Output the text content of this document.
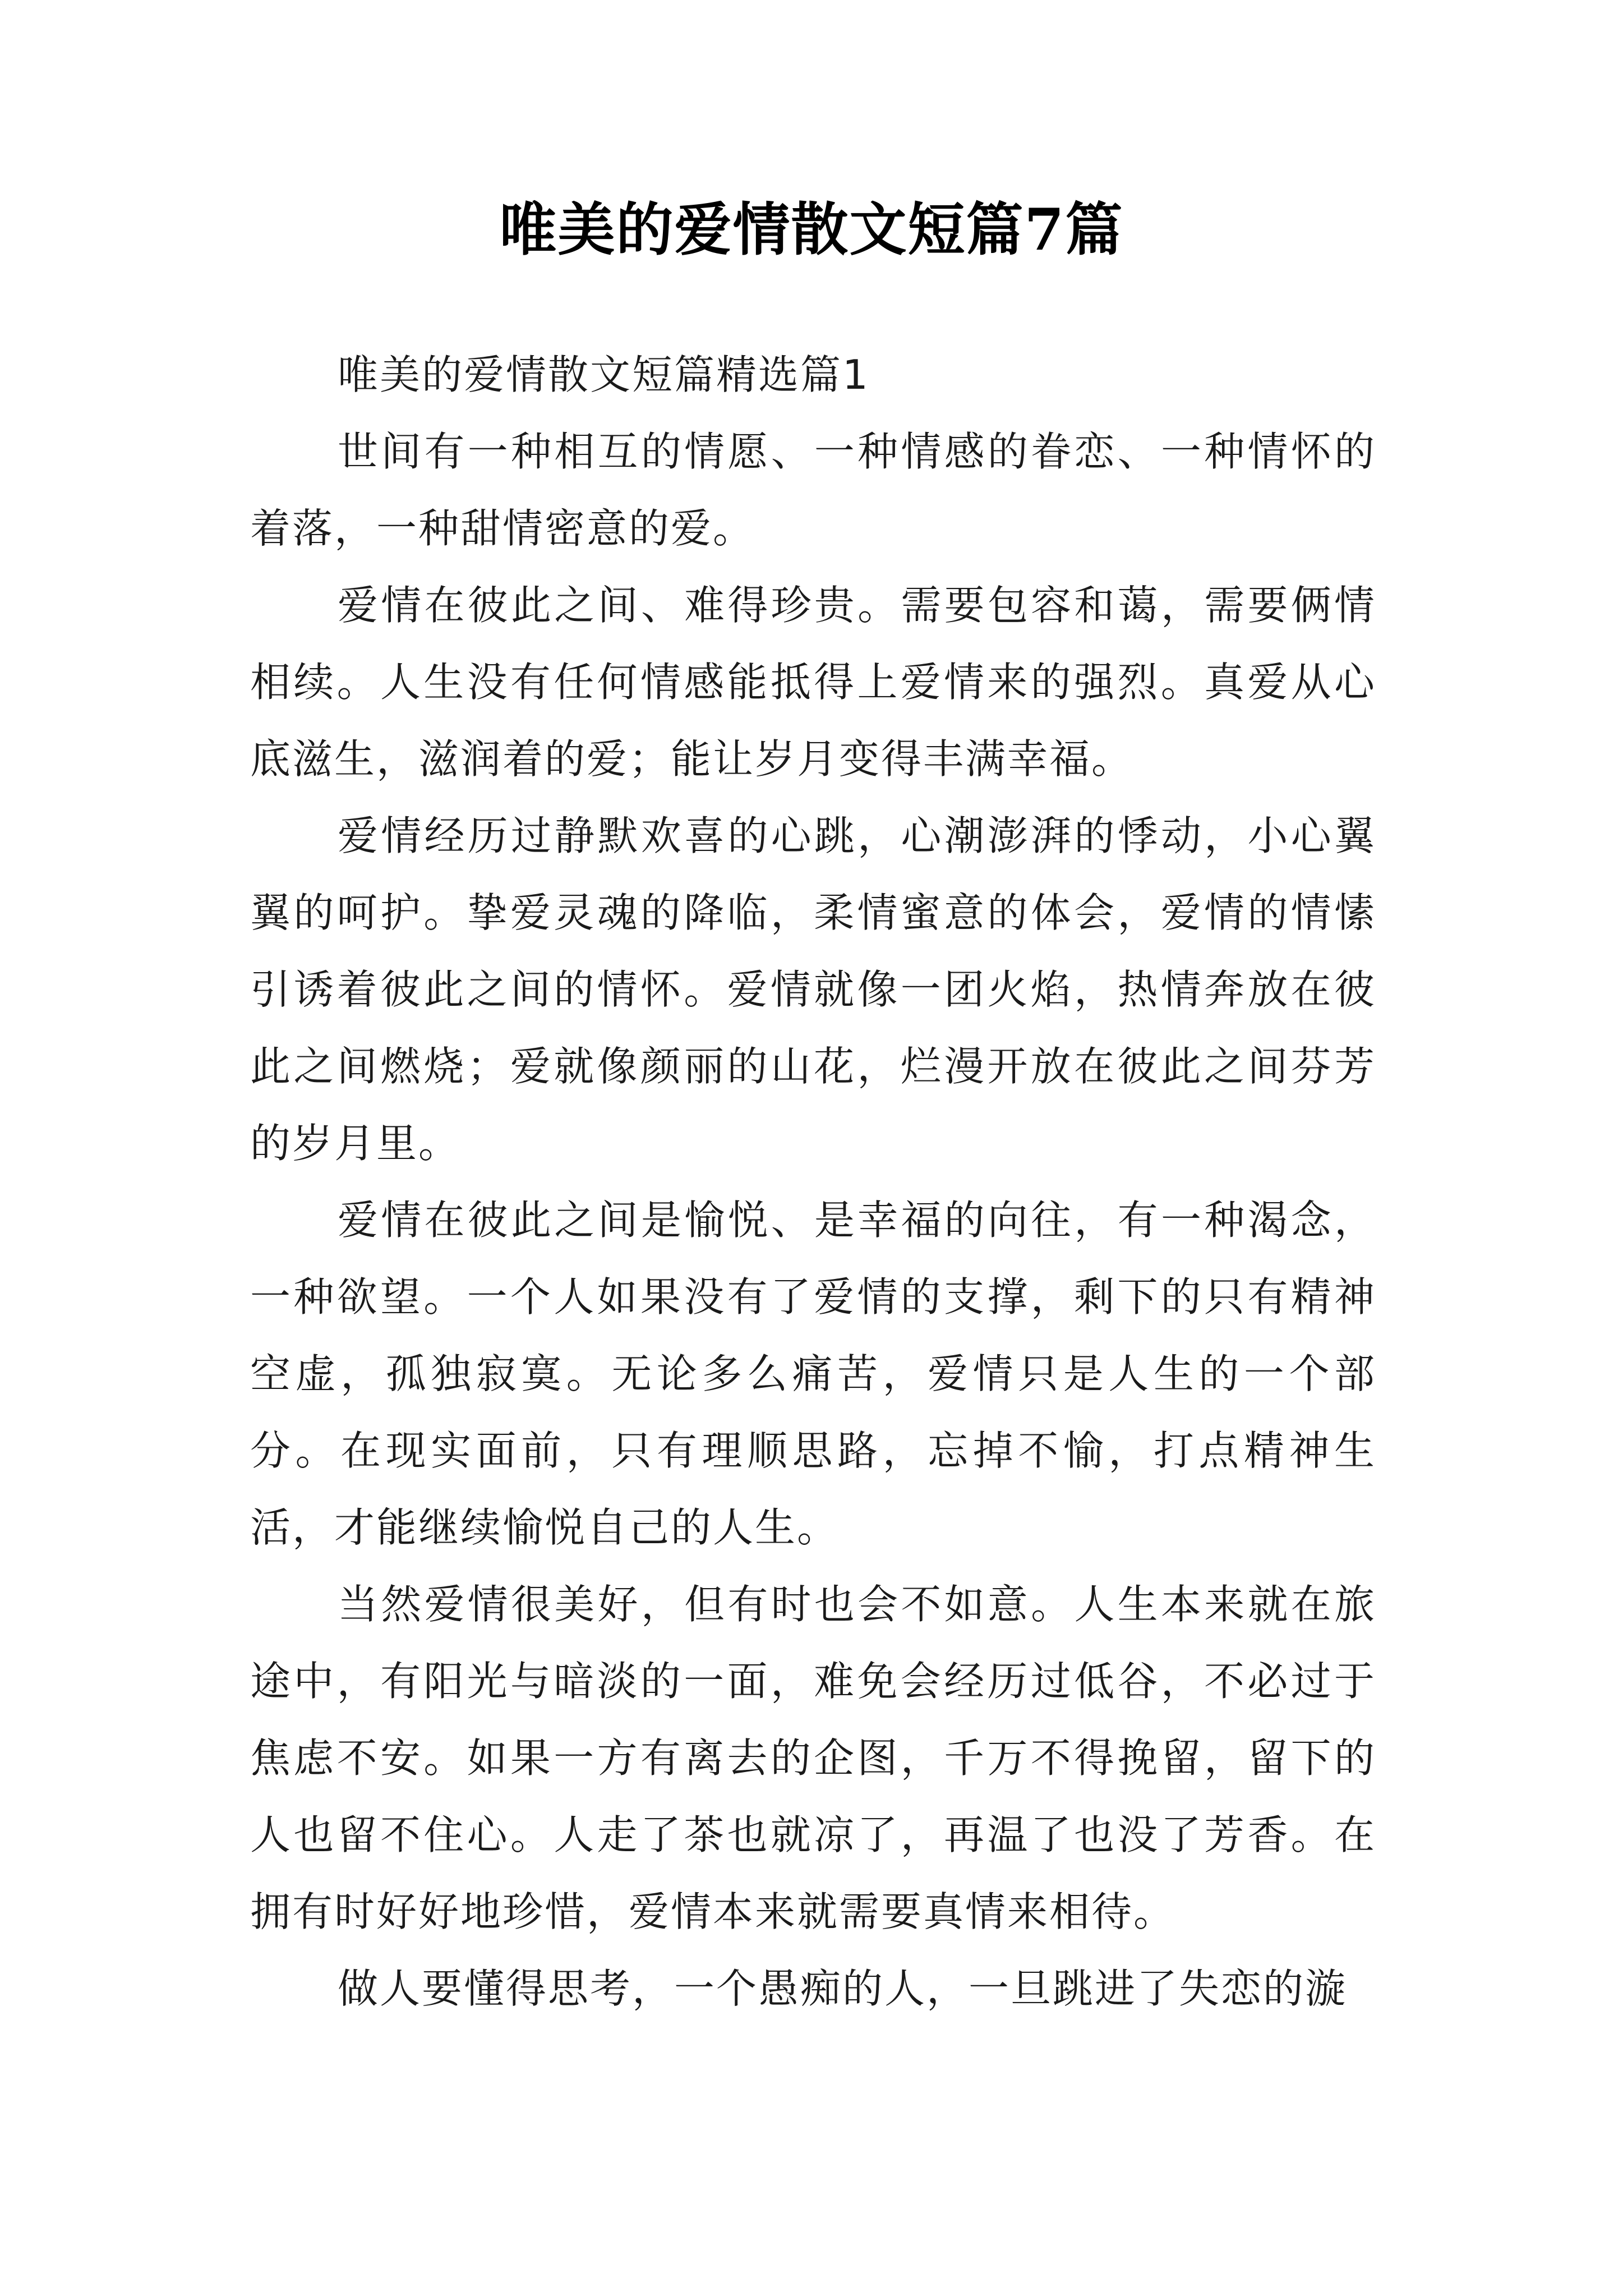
唯美的爱情散文短篇7篇

唯美的爱情散文短篇精选篇1

世间有一种相互的情愿、一种情感的眷恋、一种情怀的着落，一种甜情密意的爱。

爱情在彼此之间、难得珍贵。需要包容和蔼，需要俩情相续。人生没有任何情感能抵得上爱情来的强烈。真爱从心底滋生，滋润着的爱；能让岁月变得丰满幸福。

爱情经历过静默欢喜的心跳，心潮澎湃的悸动，小心翼翼的呵护。挚爱灵魂的降临，柔情蜜意的体会，爱情的情愫引诱着彼此之间的情怀。爱情就像一团火焰，热情奔放在彼此之间燃烧；爱就像颜丽的山花，烂漫开放在彼此之间芬芳的岁月里。

爱情在彼此之间是愉悦、是幸福的向往，有一种渴念，一种欲望。一个人如果没有了爱情的支撑，剩下的只有精神空虚，孤独寂寞。无论多么痛苦，爱情只是人生的一个部分。在现实面前，只有理顺思路，忘掉不愉，打点精神生活，才能继续愉悦自己的人生。

当然爱情很美好，但有时也会不如意。人生本来就在旅途中，有阳光与暗淡的一面，难免会经历过低谷，不必过于焦虑不安。如果一方有离去的企图，千万不得挽留，留下的人也留不住心。人走了茶也就凉了，再温了也没了芳香。在拥有时好好地珍惜，爱情本来就需要真情来相待。

做人要懂得思考，一个愚痴的人，一旦跳进了失恋的漩
